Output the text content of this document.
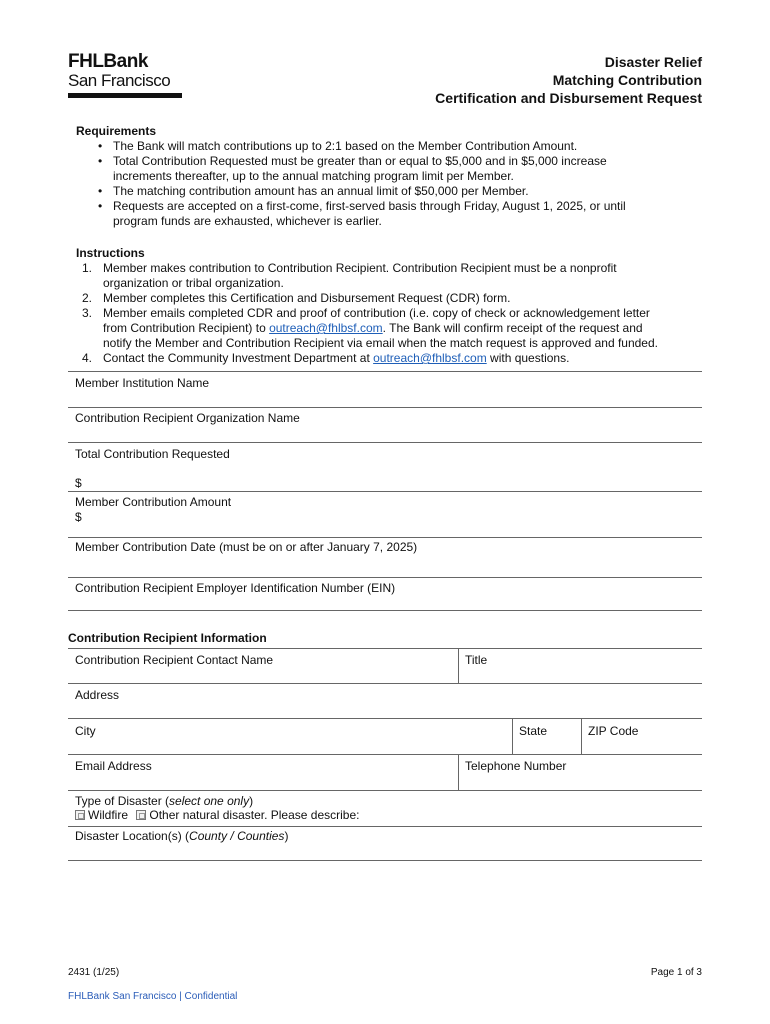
FHLBank
San Francisco
Disaster Relief
Matching Contribution
Certification and Disbursement Request
Requirements
• The Bank will match contributions up to 2:1 based on the Member Contribution Amount.
• Total Contribution Requested must be greater than or equal to $5,000 and in $5,000 increase
increments thereafter, up to the annual matching program limit per Member.
• The matching contribution amount has an annual limit of $50,000 per Member.
• Requests are accepted on a first-come, first-served basis through Friday, August 1, 2025, or until
program funds are exhausted, whichever is earlier.
Instructions
1. Member makes contribution to Contribution Recipient. Contribution Recipient must be a nonprofit
organization or tribal organization.
2. Member completes this Certification and Disbursement Request (CDR) form.
3. Member emails completed CDR and proof of contribution (i.e. copy of check or acknowledgement letter
from Contribution Recipient) to outreach@fhlbsf.com. The Bank will confirm receipt of the request and
notify the Member and Contribution Recipient via email when the match request is approved and funded.
4. Contact the Community Investment Department at outreach@fhlbsf.com with questions.
Member Institution Name
Contribution Recipient Organization Name
Total Contribution Requested
$
Member Contribution Amount
$
Member Contribution Date (must be on or after January 7, 2025)
Contribution Recipient Employer Identification Number (EIN)
Contribution Recipient Information
Contribution Recipient Contact Name	Title
Address
City	State	ZIP Code
Email Address	Telephone Number
Type of Disaster (select one only)
Wildfire Other natural disaster. Please describe:
Disaster Location(s) (County / Counties)
2431 (1/25)	Page 1 of 3
FHLBank San Francisco | Confidential
